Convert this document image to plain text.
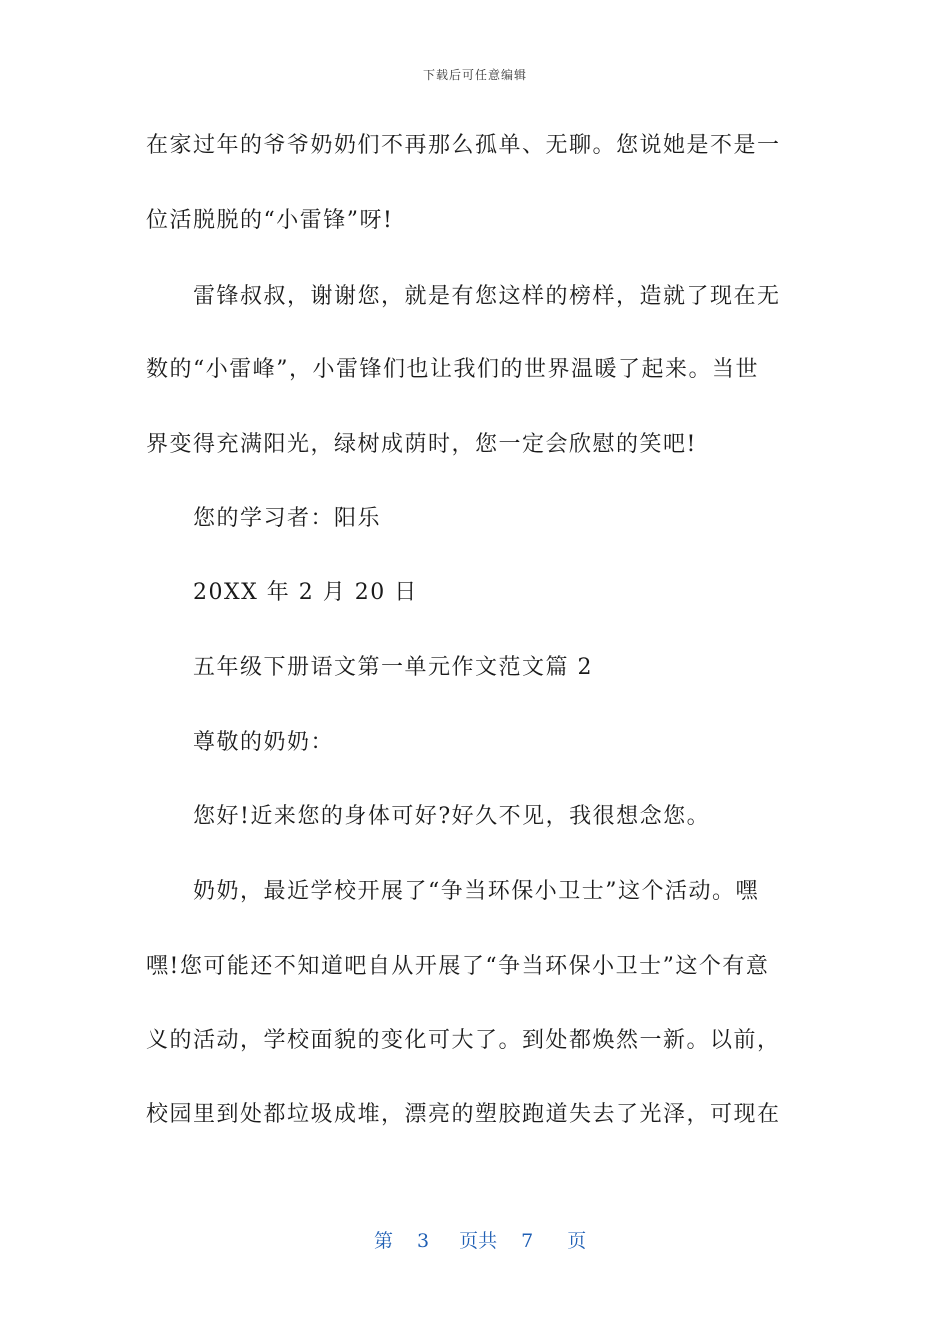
下载后可任意编辑
在家过年的爷爷奶奶们不再那么孤单、无聊。您说她是不是一
位活脱脱的“小雷锋”呀!
雷锋叔叔，谢谢您，就是有您这样的榜样，造就了现在无
数的“小雷峰”，小雷锋们也让我们的世界温暖了起来。当世
界变得充满阳光，绿树成荫时，您一定会欣慰的笑吧!
您的学习者：阳乐
20XX 年 2 月 20 日
五年级下册语文第一单元作文范文篇 2
尊敬的奶奶：
您好!近来您的身体可好?好久不见，我很想念您。
奶奶，最近学校开展了“争当环保小卫士”这个活动。嘿
嘿!您可能还不知道吧自从开展了“争当环保小卫士”这个有意
义的活动，学校面貌的变化可大了。到处都焕然一新。以前，
校园里到处都垃圾成堆，漂亮的塑胶跑道失去了光泽，可现在
第 3 页共 7 页
